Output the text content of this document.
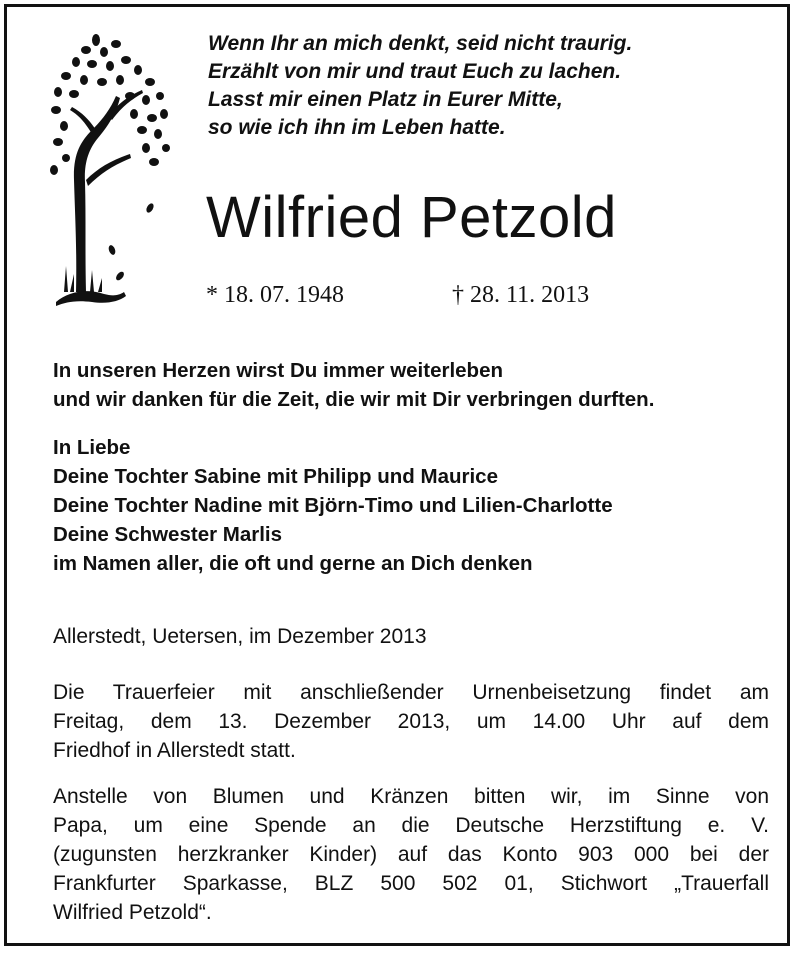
Wenn Ihr an mich denkt, seid nicht traurig.
Erzählt von mir und traut Euch zu lachen.
Lasst mir einen Platz in Eurer Mitte,
so wie ich ihn im Leben hatte.
Wilfried Petzold
* 18. 07. 1948	† 28. 11. 2013
In unseren Herzen wirst Du immer weiterleben
und wir danken für die Zeit, die wir mit Dir verbringen durften.
In Liebe
Deine Tochter Sabine mit Philipp und Maurice
Deine Tochter Nadine mit Björn-Timo und Lilien-Charlotte
Deine Schwester Marlis
im Namen aller, die oft und gerne an Dich denken
Allerstedt, Uetersen, im Dezember 2013
Die Trauerfeier mit anschließender Urnenbeisetzung findet am
Freitag, dem 13. Dezember 2013, um 14.00 Uhr auf dem
Friedhof in Allerstedt statt.
Anstelle von Blumen und Kränzen bitten wir, im Sinne von
Papa, um eine Spende an die Deutsche Herzstiftung e. V.
(zugunsten herzkranker Kinder) auf das Konto 903 000 bei der
Frankfurter Sparkasse, BLZ 500 502 01, Stichwort „Trauerfall
Wilfried Petzold“.
